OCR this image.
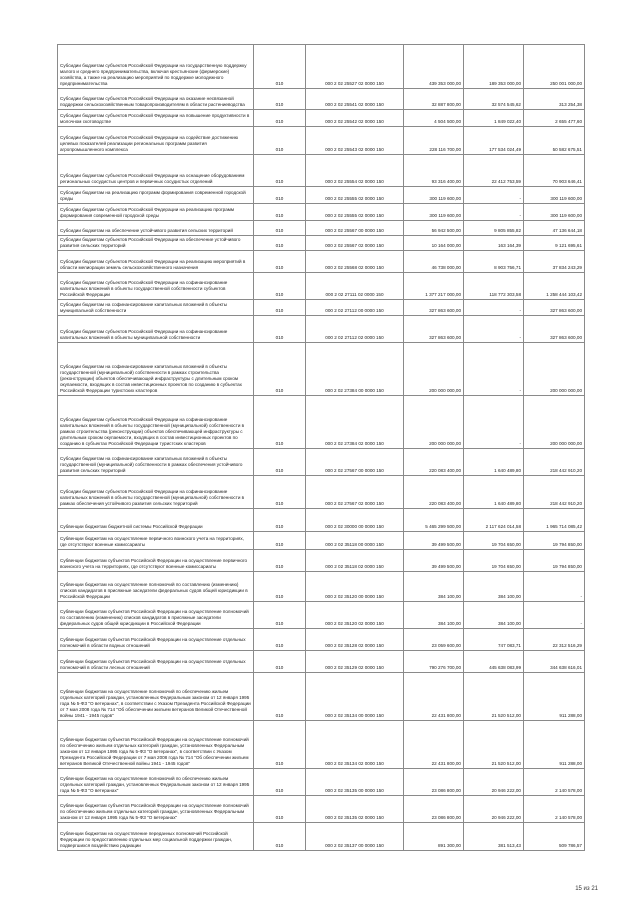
Субсидии бюджетам субъектов Российской Федерации на государственную поддержку малого и среднего предпринимательства, включая крестьянские (фермерские) хозяйства, а также на реализацию мероприятий по поддержке молодежного предпринимательства	010	000 2 02 25527 02 0000 150	439 353 000,00	189 353 000,00	250 001 000,00
Субсидии бюджетам субъектов Российской Федерации на оказание несвязанной поддержки сельскохозяйственным товаропроизводителям в области растениеводства	010	000 2 02 25541 02 0000 150	32 887 800,00	32 574 545,62	313 254,38
Субсидии бюджетам субъектов Российской Федерации на повышение продуктивности в молочном скотоводстве	010	000 2 02 25542 02 0000 150	4 504 500,00	1 849 022,40	2 655 477,60
Субсидии бюджетам субъектов Российской Федерации на содействие достижению целевых показателей реализации региональных программ развития агропромышленного комплекса	010	000 2 02 25543 02 0000 150	228 116 700,00	177 534 024,49	50 582 675,51
Субсидии бюджетам субъектов Российской Федерации на оснащение оборудованием региональных сосудистых центров и первичных сосудистых отделений	010	000 2 02 25554 02 0000 150	93 316 400,00	22 412 753,59	70 903 646,41
Субсидии бюджетам на реализацию программ формирования современной городской среды	010	000 2 02 25555 02 0000 150	300 119 600,00	-	300 119 600,00
Субсидии бюджетам субъектов Российской Федерации на реализацию программ формирования современной городской среды	010	000 2 02 25555 02 0000 150	300 119 600,00	-	300 119 600,00
Субсидии бюджетам на обеспечение устойчивого развития сельских территорий	010	000 2 02 25567 00 0000 150	56 942 500,00	9 805 855,82	47 136 644,18
Субсидии бюджетам субъектов Российской Федерации на обеспечение устойчивого развития сельских территорий	010	000 2 02 25567 02 0000 150	10 164 000,00	163 164,39	9 121 695,61
Субсидии бюджетам субъектов Российской Федерации на реализацию мероприятий в области мелиорации земель сельскохозяйственного назначения	010	000 2 02 25568 02 0000 150	46 738 000,00	8 903 756,71	37 834 243,29
Субсидии бюджетам субъектов Российской Федерации на софинансирование капитальных вложений в объекты государственной собственности субъектов Российской Федерации	010	000 2 02 27111 02 0000 150	1 377 217 000,00	118 772 303,58	1 258 444 103,42
Субсидии бюджетам на софинансирование капитальных вложений в объекты муниципальной собственности	010	000 2 02 27112 00 0000 150	327 863 600,00	-	327 863 600,00
Субсидии бюджетам субъектов Российской Федерации на софинансирование капитальных вложений в объекты муниципальной собственности	010	000 2 02 27112 02 0000 150	327 863 600,00	-	327 863 600,00
Субсидии бюджетам на софинансирование капитальных вложений в объекты государственной (муниципальной) собственности в рамках строительства (реконструкции) объектов обеспечивающей инфраструктуры с длительным сроком окупаемости, входящих в состав инвестиционных проектов по созданию в субъектах Российской Федерации туристских кластеров	010	000 2 02 27384 00 0000 150	200 000 000,00	-	200 000 000,00
Субсидии бюджетам субъектов Российской Федерации на софинансирование капитальных вложений в объекты государственной (муниципальной) собственности в рамках строительства (реконструкции) объектов обеспечивающей инфраструктуры с длительным сроком окупаемости, входящих в состав инвестиционных проектов по созданию в субъектах Российской Федерации туристских кластеров	010	000 2 02 27384 02 0000 150	200 000 000,00	-	200 000 000,00
Субсидии бюджетам на софинансирование капитальных вложений в объекты государственной (муниципальной) собственности в рамках обеспечения устойчивого развития сельских территорий	010	000 2 02 27567 00 0000 150	220 083 400,00	1 640 489,80	218 442 910,20
Субсидии бюджетам субъектов Российской Федерации на софинансирование капитальных вложений в объекты государственной (муниципальной) собственности в рамках обеспечения устойчивого развития сельских территорий	010	000 2 02 27567 02 0000 150	220 083 400,00	1 640 489,80	218 442 910,20
Субвенции бюджетам бюджетной системы Российской Федерации	010	000 2 02 30000 00 0000 150	5 465 299 500,00	2 117 624 014,58	1 965 714 085,42
Субвенции бюджетам на осуществление первичного воинского учета на территориях, где отсутствуют военные комиссариаты	010	000 2 02 35118 00 0000 150	39 499 500,00	19 704 650,00	19 794 850,00
Субвенции бюджетам субъектов Российской Федерации на осуществление первичного воинского учета на территориях, где отсутствуют военные комиссариаты	010	000 2 02 35118 02 0000 150	39 499 500,00	19 704 650,00	19 794 850,00
Субвенции бюджетам на осуществление полномочий по составлению (изменению) списков кандидатов в присяжные заседатели федеральных судов общей юрисдикции в Российской Федерации	010	000 2 02 35120 00 0000 150	384 100,00	384 100,00	-
Субвенции бюджетам субъектов Российской Федерации на осуществление полномочий по составлению (изменению) списков кандидатов в присяжные заседатели федеральных судов общей юрисдикции в Российской Федерации	010	000 2 02 35120 02 0000 150	384 100,00	384 100,00	-
Субвенции бюджетам субъектов Российской Федерации на осуществление отдельных полномочий в области водных отношений	010	000 2 02 35128 02 0000 150	23 059 600,00	747 083,71	22 312 516,29
Субвенции бюджетам субъектов Российской Федерации на осуществление отдельных полномочий в области лесных отношений	010	000 2 02 35129 02 0000 150	790 276 700,00	445 638 083,99	344 638 616,01
Субвенции бюджетам на осуществление полномочий по обеспечению жильем отдельных категорий граждан, установленных Федеральным законом от 12 января 1995 года № 5-ФЗ "О ветеранах", в соответствии с Указом Президента Российской Федерации от 7 мая 2008 года № 714 "Об обеспечении жильем ветеранов Великой Отечественной войны 1941 - 1945 годов"	010	000 2 02 35134 00 0000 150	22 431 800,00	21 520 512,00	911 288,00
Субвенции бюджетам субъектов Российской Федерации на осуществление полномочий по обеспечению жильем отдельных категорий граждан, установленных Федеральным законом от 12 января 1995 года № 5-ФЗ "О ветеранах", в соответствии с Указом Президента Российской Федерации от 7 мая 2008 года № 714 "Об обеспечении жильем ветеранов Великой Отечественной войны 1941 - 1945 годов"	010	000 2 02 35134 02 0000 150	22 431 800,00	21 520 512,00	911 288,00
Субвенции бюджетам на осуществление полномочий по обеспечению жильем отдельных категорий граждан, установленных Федеральным законом от 12 января 1995 года № 5-ФЗ "О ветеранах"	010	000 2 02 35135 00 0000 150	23 086 800,00	20 946 222,00	2 140 578,00
Субвенции бюджетам субъектов Российской Федерации на осуществление полномочий по обеспечению жильем отдельных категорий граждан, установленных Федеральным законом от 12 января 1995 года № 5-ФЗ "О ветеранах"	010	000 2 02 35135 02 0000 150	23 086 800,00	20 946 222,00	2 140 578,00
Субвенции бюджетам на осуществление переданных полномочий Российской Федерации по предоставлению отдельных мер социальной поддержки граждан, подвергшихся воздействию радиации	010	000 2 02 35137 00 0000 150	891 300,00	381 513,43	509 786,57
15 из 21
